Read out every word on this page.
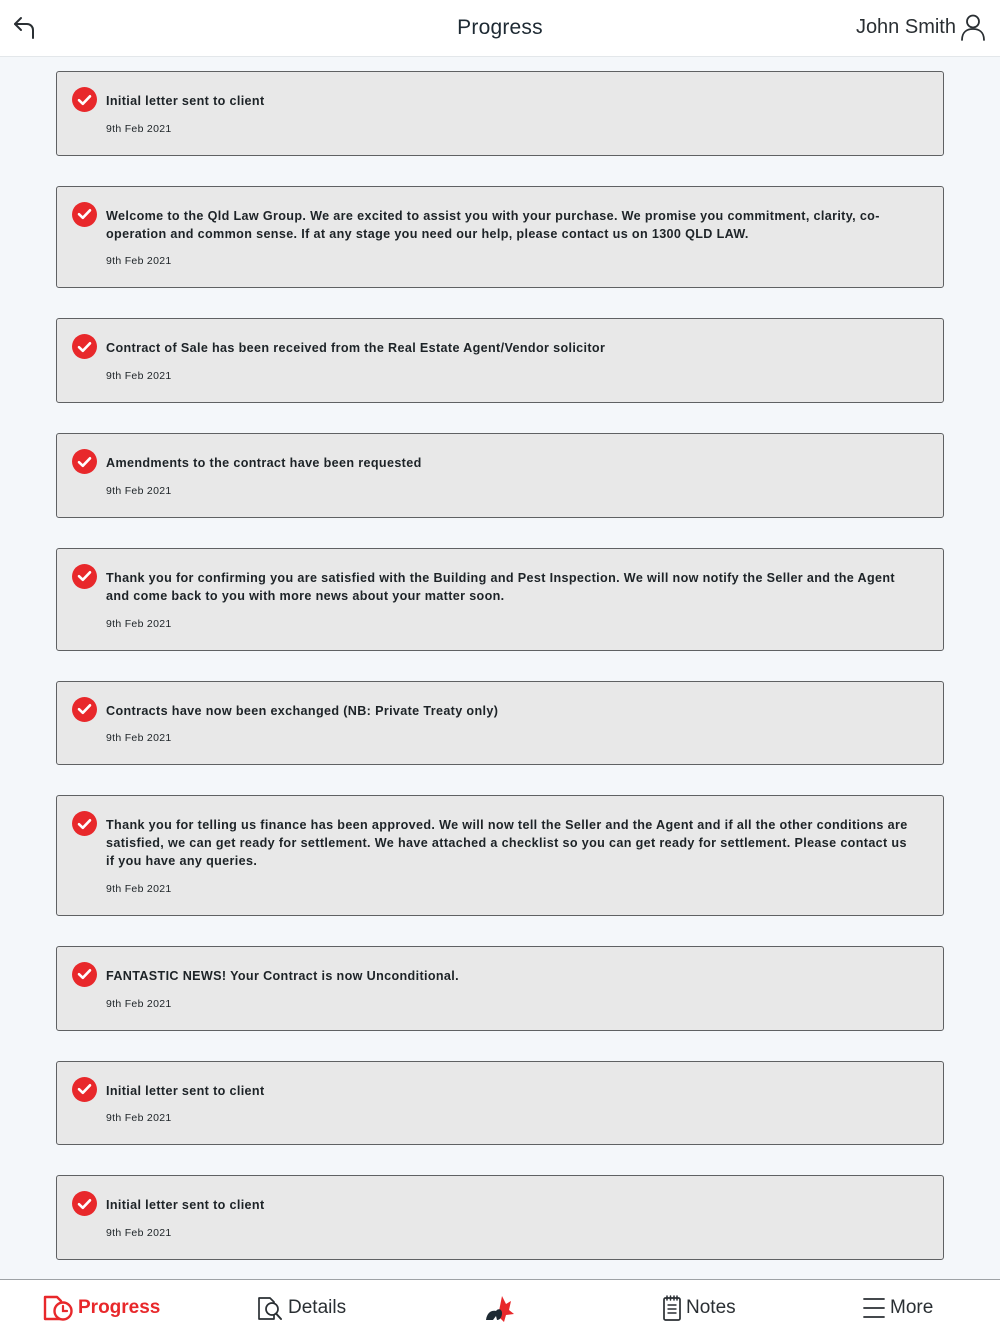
Progress	John Smith
Initial letter sent to client
9th Feb 2021
Welcome to the Qld Law Group. We are excited to assist you with your purchase. We promise you commitment, clarity, co-operation and common sense. If at any stage you need our help, please contact us on 1300 QLD LAW.
9th Feb 2021
Contract of Sale has been received from the Real Estate Agent/Vendor solicitor
9th Feb 2021
Amendments to the contract have been requested
9th Feb 2021
Thank you for confirming you are satisfied with the Building and Pest Inspection. We will now notify the Seller and the Agent and come back to you with more news about your matter soon.
9th Feb 2021
Contracts have now been exchanged (NB: Private Treaty only)
9th Feb 2021
Thank you for telling us finance has been approved. We will now tell the Seller and the Agent and if all the other conditions are satisfied, we can get ready for settlement. We have attached a checklist so you can get ready for settlement. Please contact us if you have any queries.
9th Feb 2021
FANTASTIC NEWS! Your Contract is now Unconditional.
9th Feb 2021
Initial letter sent to client
9th Feb 2021
Initial letter sent to client
9th Feb 2021
Progress	Details	Notes	More
